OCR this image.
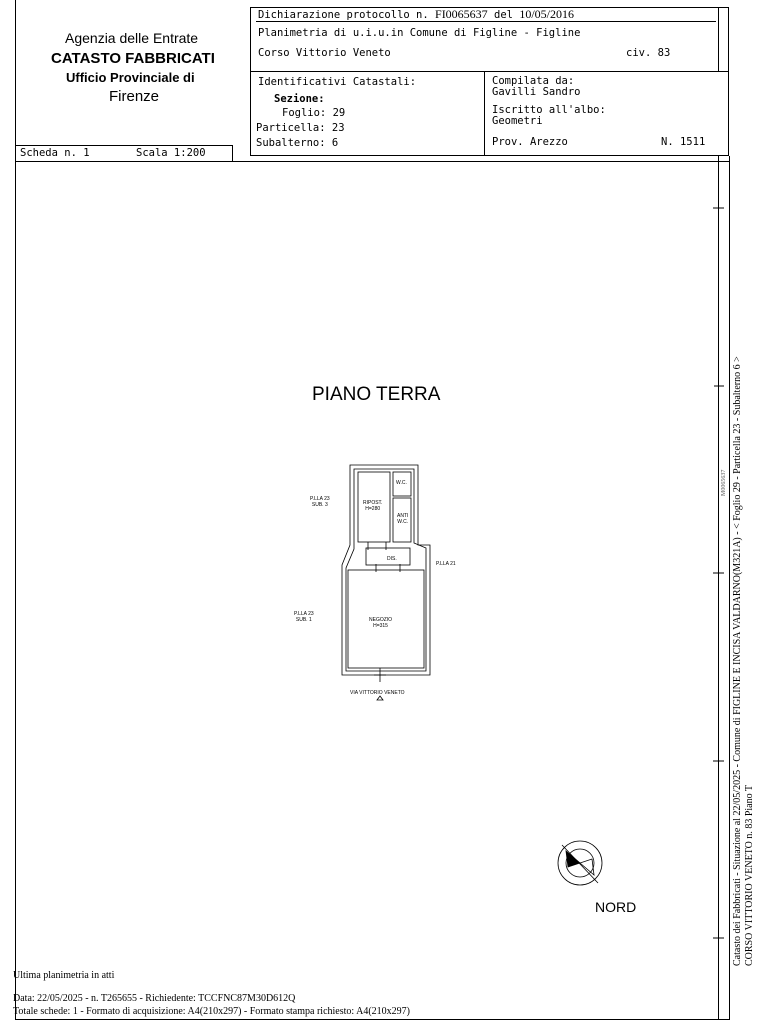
Agenzia delle Entrate
CATASTO FABBRICATI
Ufficio Provinciale di
Firenze
Dichiarazione protocollo n. FI0065637 del 10/05/2016
Planimetria di u.i.u.in Comune di Figline - Figline
Corso Vittorio Veneto	civ. 83
Identificativi Catastali:
Sezione:
Foglio: 29
Particella: 23
Subalterno: 6
Compilata da:
Gavilli Sandro
Iscritto all'albo:
Geometri
Prov. Arezzo	N. 1511
Scheda n. 1	Scala 1:200
PIANO TERRA
P.LLA 23
SUB. 3
P.LLA 21
P.LLA 23
SUB. 1
RIPOST.
H=280
W.C.
ANTI
W.C.
DIS.
NEGOZIO
H=315
VIA VITTORIO VENETO
NORD	Catasto dei Fabbricati - Situazione al 22/05/2025 - Comune di FIGLINE E INCISA VALDARNO(M321A) - < Foglio 29 - Particella 23 - Subalterno 6 > CORSO VITTORIO VENETO n. 83 Piano T
M0065637
Ultima planimetria in atti
Data: 22/05/2025 - n. T265655 - Richiedente: TCCFNC87M30D612Q
Totale schede: 1 - Formato di acquisizione: A4(210x297) - Formato stampa richiesto: A4(210x297)
